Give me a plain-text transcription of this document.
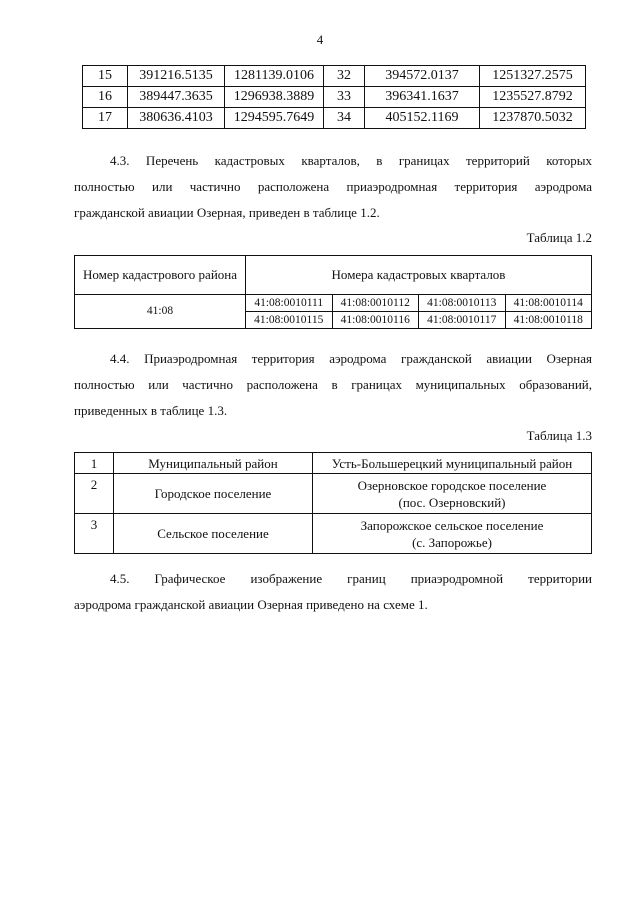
4
15	391216.5135	1281139.0106	32	394572.0137	1251327.2575
16	389447.3635	1296938.3889	33	396341.1637	1235527.8792
17	380636.4103	1294595.7649	34	405152.1169	1237870.5032
4.3. Перечень кадастровых кварталов, в границах территорий которых
полностью или частично расположена приаэродромная территория аэродрома
гражданской авиации Озерная, приведен в таблице 1.2.
Таблица 1.2
Номер кадастрового района	Номера кадастровых кварталов			
41:08	41:08:0010111	41:08:0010112	41:08:0010113	41:08:0010114
	41:08:0010115	41:08:0010116	41:08:0010117	41:08:0010118
4.4. Приаэродромная территория аэродрома гражданской авиации Озерная
полностью или частично расположена в границах муниципальных образований,
приведенных в таблице 1.3.
Таблица 1.3
1	Муниципальный район	Усть-Большерецкий муниципальный район
2	Городское поселение	Озерновское городское поселение
(пос. Озерновский)

3	Сельское поселение	Запорожское сельское поселение
(с. Запорожье)
4.5. Графическое изображение границ приаэродромной территории
аэродрома гражданской авиации Озерная приведено на схеме 1.
